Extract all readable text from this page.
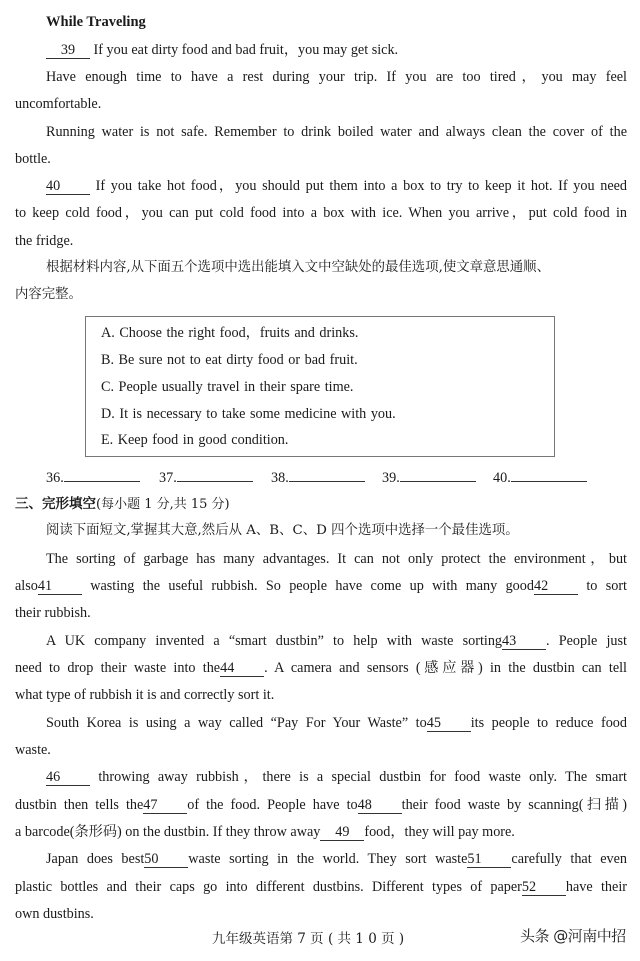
While Traveling
39 If you eat dirty food and bad fruit，you may get sick.
Have enough time to have a rest during your trip. If you are too tired，you may feel
uncomfortable.
Running water is not safe. Remember to drink boiled water and always clean the cover of the
bottle.
40 If you take hot food，you should put them into a box to try to keep it hot. If you need
to keep cold food，you can put cold food into a box with ice. When you arrive，put cold food in
the fridge.
根据材料内容,从下面五个选项中选出能填入文中空缺处的最佳选项,使文章意思通顺、
内容完整。
A. Choose the right food，fruits and drinks.
B. Be sure not to eat dirty food or bad fruit.
C. People usually travel in their spare time.
D. It is necessary to take some medicine with you.
E. Keep food in good condition.
36.	37.	38.	39.	40.
三、完形填空(每小题 1 分,共 15 分)
阅读下面短文,掌握其大意,然后从 A、B、C、D 四个选项中选择一个最佳选项。
The sorting of garbage has many advantages. It can not only protect the environment，but
also41	wasting the useful rubbish. So people have come up with many good42	to sort
their rubbish.
A UK company invented a “smart dustbin” to help with waste sorting43 . People just
need to drop their waste into the44 . A camera and sensors (感应器) in the dustbin can tell
what type of rubbish it is and correctly sort it.
South Korea is using a way called “Pay For Your Waste” to45 its people to reduce food
waste.
46	throwing away rubbish，there is a special dustbin for food waste only. The smart
dustbin then tells the47 of the food. People have to48 their food waste by scanning(扫描)
a barcode(条形码) on the dustbin. If they throw away 49 food，they will pay more.
Japan does best50 waste sorting in the world. They sort waste51 carefully that even
plastic bottles and their caps go into different dustbins. Different types of paper52 have their
own dustbins.
九年级英语第 7 页 ( 共 1 0 页 )	头条 @河南中招
